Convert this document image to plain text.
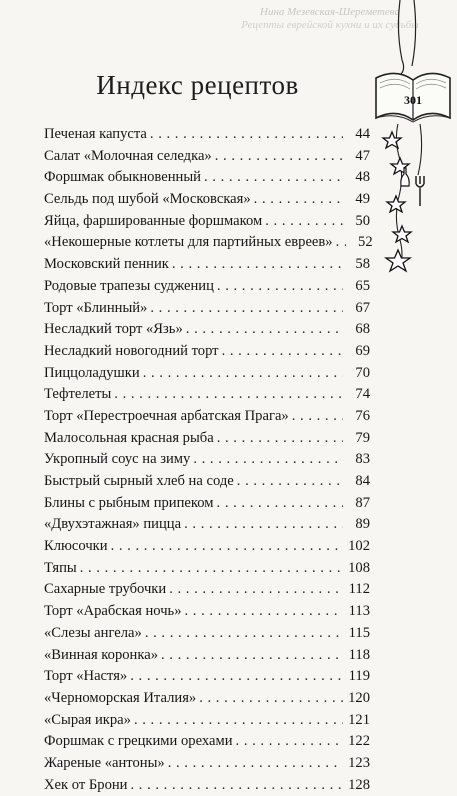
Нина Мезевская-Шереметева
Рецепты еврейской кухни и их судьбы
301
Индекс рецептов
Печеная капуста . . .	44
Салат «Молочная селедка» . . .	47
Форшмак обыкновенный . . .	48
Сельдь под шубой «Московская» . . .	49
Яйца, фаршированные форшмаком . . .	50
«Некошерные котлеты для партийных евреев» . . .	52
Московский пенник . . .	58
Родовые трапезы суджениц . . .	65
Торт «Блинный» . . .	67
Несладкий торт «Язь» . . .	68
Несладкий новогодний торт . . .	69
Пиццоладушки . . .	70
Тефтелеты . . .	74
Торт «Перестроечная арбатская Прага» . . .	76
Малосольная красная рыба . . .	79
Укропный соус на зиму . . .	83
Быстрый сырный хлеб на соде . . .	84
Блины с рыбным припеком . . .	87
«Двухэтажная» пицца . . .	89
Клюсочки . . .	102
Тяпы . . .	108
Сахарные трубочки . . .	112
Торт «Арабская ночь» . . .	113
«Слезы ангела» . . .	115
«Винная коронка» . . .	118
Торт «Настя» . . .	119
«Черноморская Италия» . . .	120
«Сырая икра» . . .	121
Форшмак с грецкими орехами . . .	122
Жареные «антоны» . . .	123
Хек от Брони . . .	128
